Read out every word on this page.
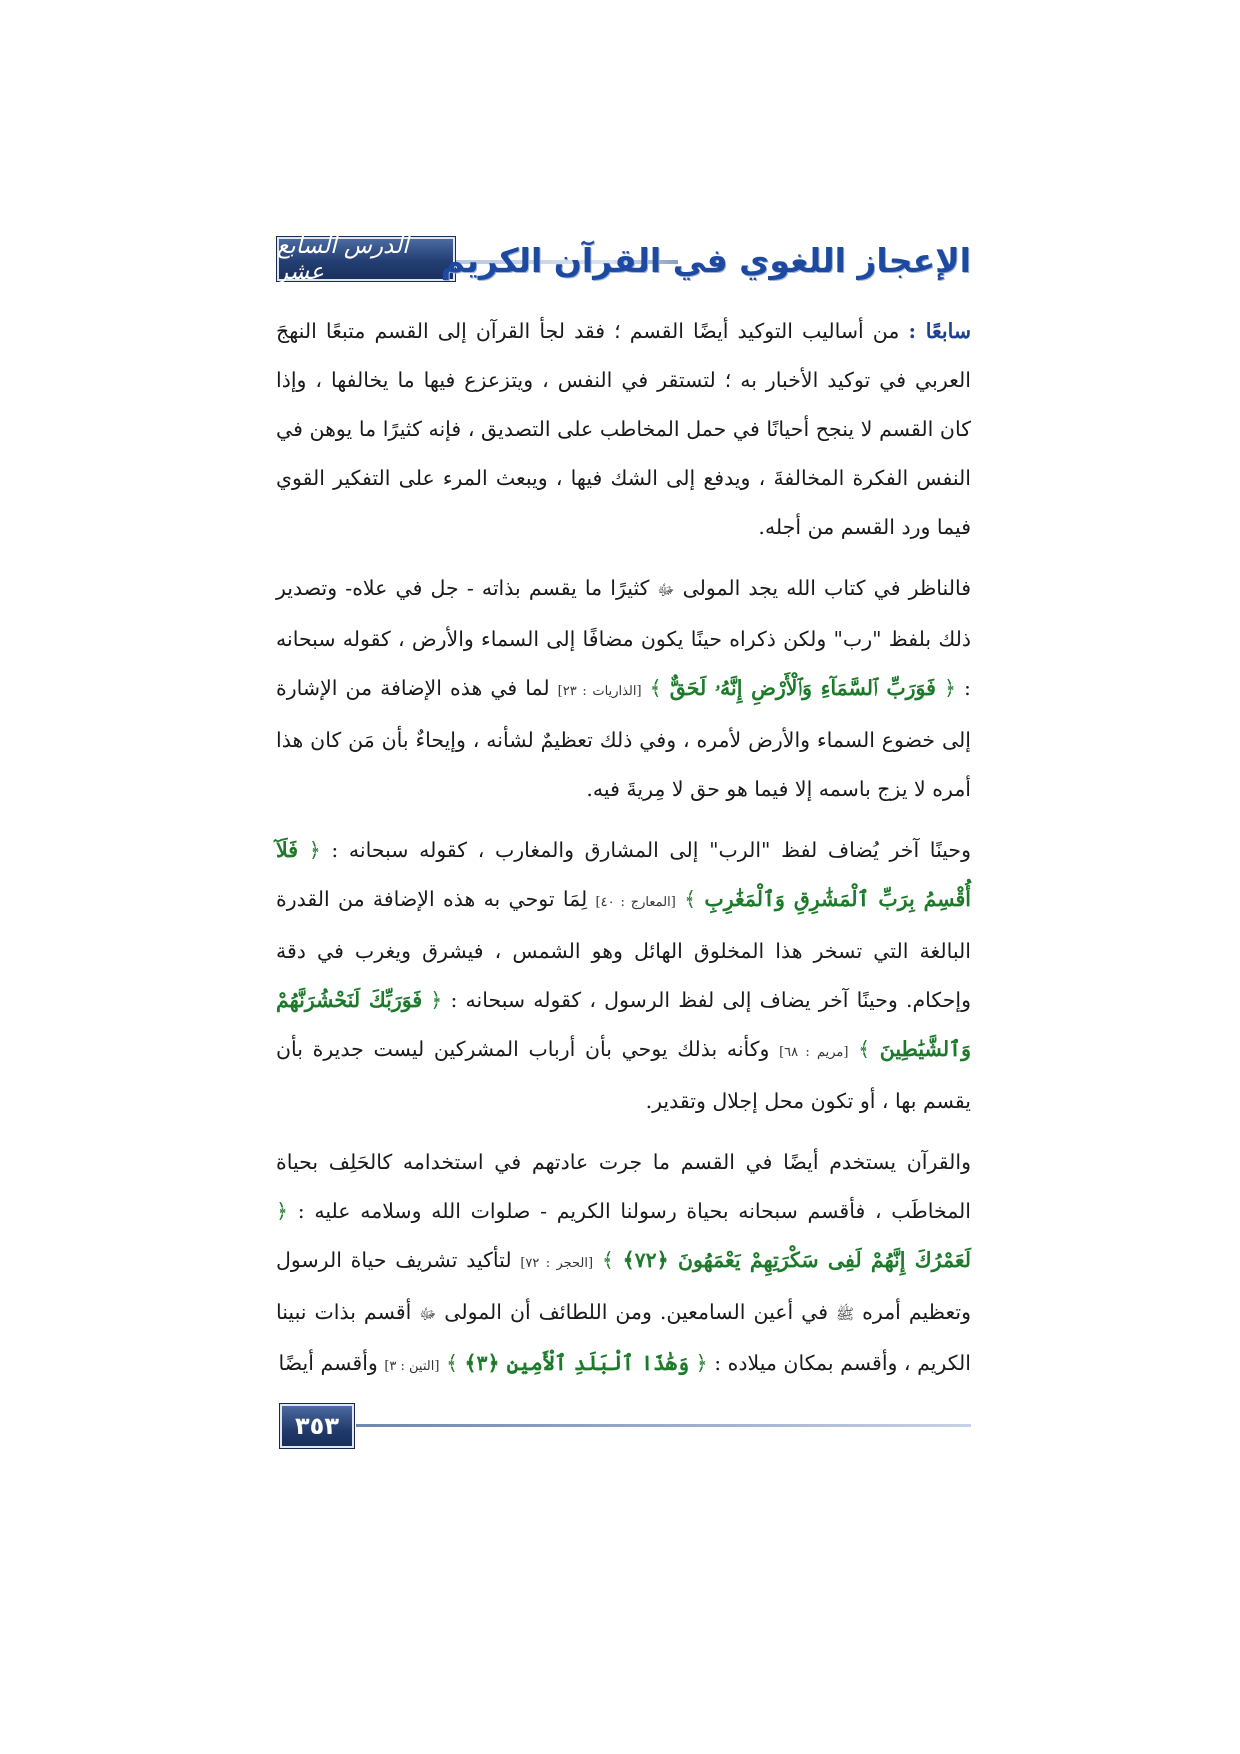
الدرس السابع عشر	الإعجاز اللغوي في القرآن الكريم

سابعًا : من أساليب التوكيد أيضًا القسم ؛ فقد لجأ القرآن إلى القسم متبعًا النهجَ العربي في توكيد الأخبار به ؛ لتستقر في النفس ، ويتزعزع فيها ما يخالفها ، وإذا كان القسم لا ينجح أحيانًا في حمل المخاطب على التصديق ، فإنه كثيرًا ما يوهن في النفس الفكرة المخالفةَ ، ويدفع إلى الشك فيها ، ويبعث المرء على التفكير القوي فيما ورد القسم من أجله.

فالناظر في كتاب الله يجد المولى ﷻ كثيرًا ما يقسم بذاته - جل في علاه- وتصدير ذلك بلفظ "رب" ولكن ذكراه حينًا يكون مضافًا إلى السماء والأرض ، كقوله سبحانه : ﴿ فَوَرَبِّ ٱلسَّمَآءِ وَٱلْأَرْضِ إِنَّهُۥ لَحَقٌّ ﴾ [الذاريات : ٢٣] لما في هذه الإضافة من الإشارة إلى خضوع السماء والأرض لأمره ، وفي ذلك تعظيمٌ لشأنه ، وإيحاءٌ بأن مَن كان هذا أمره لا يزج باسمه إلا فيما هو حق لا مِريةَ فيه.

وحينًا آخر يُضاف لفظ "الرب" إلى المشارق والمغارب ، كقوله سبحانه : ﴿ فَلَآ أُقْسِمُ بِرَبِّ ٱلْمَشَٰرِقِ وَٱلْمَغَٰرِبِ ﴾ [المعارج : ٤٠] لِمَا توحي به هذه الإضافة من القدرة البالغة التي تسخر هذا المخلوق الهائل وهو الشمس ، فيشرق ويغرب في دقة وإحكام. وحينًا آخر يضاف إلى لفظ الرسول ، كقوله سبحانه : ﴿ فَوَرَبِّكَ لَنَحْشُرَنَّهُمْ وَٱلشَّيَٰطِينَ ﴾ [مريم : ٦٨] وكأنه بذلك يوحي بأن أرباب المشركين ليست جديرة بأن يقسم بها ، أو تكون محل إجلال وتقدير.

والقرآن يستخدم أيضًا في القسم ما جرت عادتهم في استخدامه كالحَلِف بحياة المخاطَب ، فأقسم سبحانه بحياة رسولنا الكريم - صلوات الله وسلامه عليه : ﴿ لَعَمْرُكَ إِنَّهُمْ لَفِى سَكْرَتِهِمْ يَعْمَهُونَ ﴿٧٢﴾ ﴾ [الحجر : ٧٢] لتأكيد تشريف حياة الرسول وتعظيم أمره ﷺ في أعين السامعين. ومن اللطائف أن المولى ﷻ أقسم بذات نبينا الكريم ، وأقسم بمكان ميلاده : ﴿ وَهَٰذَا ٱلْبَلَدِ ٱلْأَمِينِ ﴿٣﴾ ﴾ [التين : ٣] وأقسم أيضًا

٣٥٣
